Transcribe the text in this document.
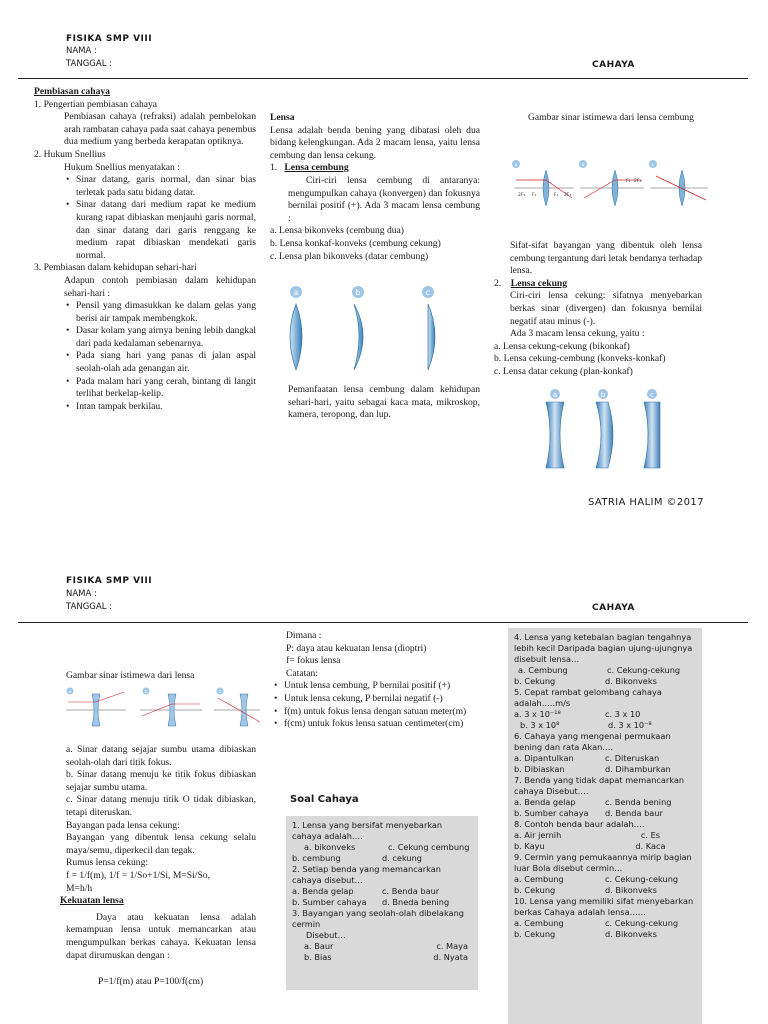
FISIKA SMP VIII
NAMA :
TANGGAL :	CAHAYA

Pembiasan cahaya

1. Pengertian pembiasan cahaya

Pembiasan cahaya (refraksi) adalah pembelokan arah rambatan cahaya pada saat cahaya penembus dua medium yang berbeda kerapatan optiknya.

2. Hukum Snellius

Hukum Snellius menyatakan :

• Sinar datang, garis normal, dan sinar bias terletak pada satu bidang datar.
• Sinar datang dari medium rapat ke medium kurang rapat dibiaskan menjauhi garis normal, dan sinar datang dari garis renggang ke medium rapat dibiaskan mendekati garis normal.

3. Pembiasan dalam kehidupan sehari-hari

Adapun contoh pembiasan dalam kehidupan sehari-hari :

• Pensil yang dimasukkan ke dalam gelas yang berisi air tampak membengkok.
• Dasar kolam yang airnya bening lebih dangkal dari pada kedalaman sebenarnya.
• Pada siang hari yang panas di jalan aspal seolah-olah ada genangan air.
• Pada malam hari yang cerah, bintang di langit terlihat berkelap-kelip.
• Intan tampak berkilau.

Lensa

Lensa adalah benda bening yang dibatasi oleh dua bidang kelengkungan. Ada 2 macam lensa, yaitu lensa cembung dan lensa cekung.

1. Lensa cembung

Ciri-ciri lensa cembung di antaranya: mengumpulkan cahaya (konvergen) dan fokusnya bernilai positif (+). Ada 3 macam lensa cembung :

a. Lensa bikonveks (cembung dua)

b. Lensa konkaf-konveks (cembung cekung)

c. Lensa plan bikonveks (datar cembung)

a	b	c

Pemanfaatan lensa cembung dalam kehidupan sehari-hari, yaitu sebagai kaca mata, mikroskop, kamera, teropong, dan lup.

Gambar sinar istimewa dari lensa cembung

a
2F₁ F₁	F₂ 2F₂
b
F₂ 2F₂
c

Sifat-sifat bayangan yang dibentuk oleh lensa cembung tergantung dari letak bendanya terhadap lensa.

2. Lensa cekung

Ciri-ciri lensa cekung: sifatnya menyebarkan berkas sinar (divergen) dan fokusnya bernilai negatif atau minus (-).

Ada 3 macam lensa cekung, yaitu :

a. Lensa cekung-cekung (bikonkaf)

b. Lensa cekung-cembung (konveks-konkaf)

c. Lensa datar cekung (plan-konkaf)

a	b	c
SATRIA HALIM ©2017
FISIKA SMP VIII
NAMA :
TANGGAL :	CAHAYA

Gambar sinar istimewa dari lensa

a	b	c

a. Sinar datang sejajar sumbu utama dibiaskan seolah-olah dari titik fokus.

b. Sinar datang menuju ke titik fokus dibiaskan sejajar sumbu utama.

c. Sinar datang menuju titik O tidak dibiaskan, tetapi diteruskan.

Bayangan pada lensa cekung:

Bayangan yang dibentuk lensa cekung selalu maya/semu, diperkecil dan tegak.

Rumus lensa cekung:

f = 1/f(m), 1/f = 1/So+1/Si, M=Si/So,

M=h/h

Kekuatan lensa

Daya atau kekuatan lensa adalah kemampuan lensa untuk memancarkan atau mengumpulkan berkas cahaya. Kekuatan lensa dapat dirumuskan dengan :

P=1/f(m) atau P=100/f(cm)

Dimana :

P: daya atau kekuatan lensa (dioptri)

f= fokus lensa

Catatan:

• Untuk lensa cembung, P bernilai positif (+)
• Untuk lensa cekung, P bernilai negatif (-)
• f(m) untuk fokus lensa dengan satuan meter(m)
• f(cm) untuk fokus lensa satuan centimeter(cm)
Soal Cahaya

1. Lensa yang bersifat menyebarkan cahaya adalah….

a. bikonveks	c. Cekung cembung
b. cembung	d. cekung

2. Setiap benda yang memancarkan cahaya disebut…

a. Benda gelap	c. Benda baur
b. Sumber cahaya	d. Bneda bening

3. Bayangan yang seolah-olah dibelakang cermin

Disebut…

a. Baur	c. Maya
b. Bias	d. Nyata

4. Lensa yang ketebalan bagian tengahnya lebih kecil Daripada bagian ujung-ujungnya disebuit lensa…

a. Cembung	c. Cekung-cekung
b. Cekung	d. Bikonveks

5. Cepat rambat gelombang cahaya adalah…..m/s

a. 3 x 10⁻¹⁸	c. 3 x 10
b. 3 x 10⁸	d. 3 x 10⁻⁸

6. Cahaya yang mengenai permukaan bening dan rata Akan….

a. Dipantulkan	c. Diteruskan
b. Dibiaskan	d. Dihamburkan

7. Benda yang tidak dapat memancarkan cahaya Disebut….

a. Benda gelap	c. Benda bening
b. Sumber cahaya	d. Benda baur

8. Contoh benda baur adalah….

a. Air jernih	c. Es
b. Kayu	d. Kaca

9. Cermin yang pemukaannya mirip bagian luar Bola disebut cermin…

a. Cembung	c. Cekung-cekung
b. Cekung	d. Bikonveks

10. Lensa yang memiliki sifat menyebarkan berkas Cahaya adalah lensa……

a. Cembung	c. Cekung-cekung
b. Cekung	d. Bikonveks
